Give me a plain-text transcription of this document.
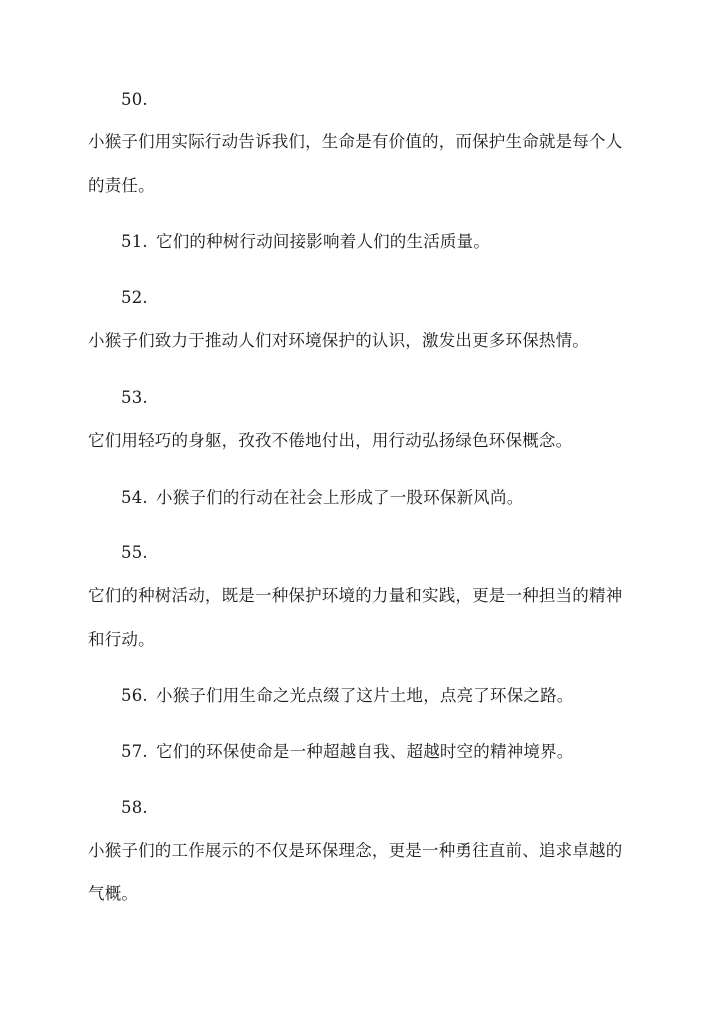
50.
小猴子们用实际行动告诉我们，生命是有价值的，而保护生命就是每个人
的责任。
51. 它们的种树行动间接影响着人们的生活质量。
52.
小猴子们致力于推动人们对环境保护的认识，激发出更多环保热情。
53.
它们用轻巧的身躯，孜孜不倦地付出，用行动弘扬绿色环保概念。
54. 小猴子们的行动在社会上形成了一股环保新风尚。
55.
它们的种树活动，既是一种保护环境的力量和实践，更是一种担当的精神
和行动。
56. 小猴子们用生命之光点缀了这片土地，点亮了环保之路。
57. 它们的环保使命是一种超越自我、超越时空的精神境界。
58.
小猴子们的工作展示的不仅是环保理念，更是一种勇往直前、追求卓越的
气概。
